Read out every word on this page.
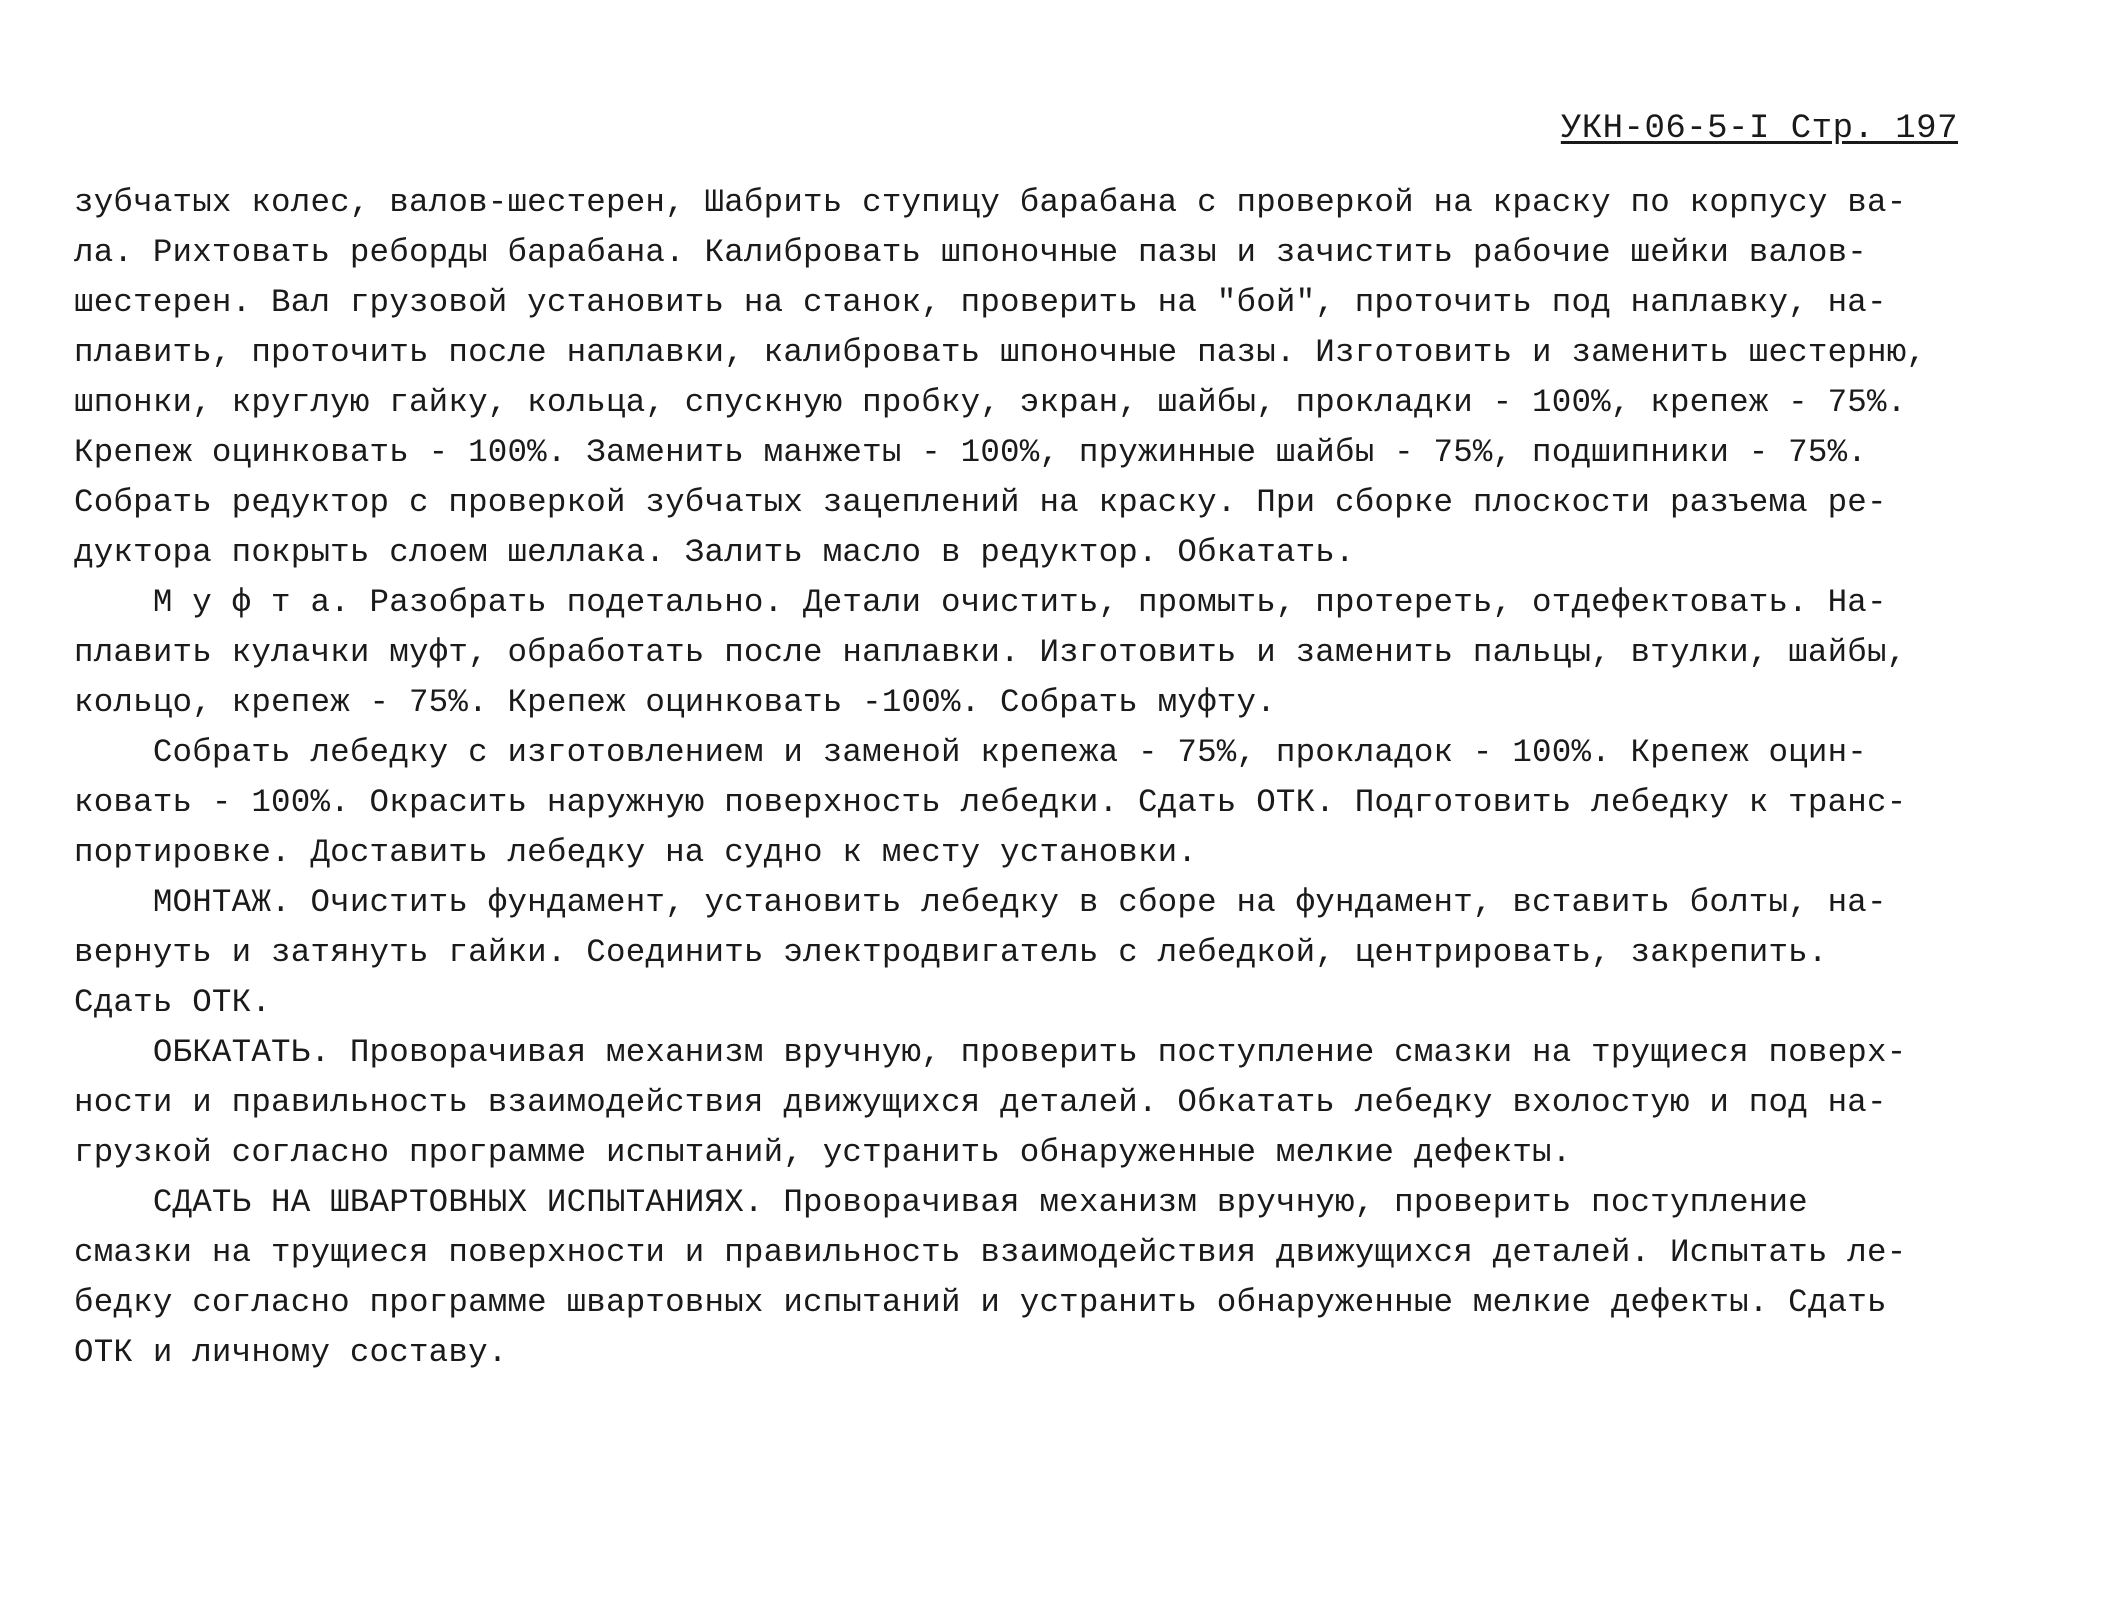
УКН-06-5-I Стр. 197
зубчатых колес, валов-шестерен, Шабрить ступицу барабана с проверкой на краску по корпусу ва-
ла. Рихтовать реборды барабана. Калибровать шпоночные пазы и зачистить рабочие шейки валов-
шестерен. Вал грузовой установить на станок, проверить на "бой", проточить под наплавку, на-
плавить, проточить после наплавки, калибровать шпоночные пазы. Изготовить и заменить шестерню,
шпонки, круглую гайку, кольца, спускную пробку, экран, шайбы, прокладки - 100%, крепеж - 75%.
Крепеж оцинковать - 100%. Заменить манжеты - 100%, пружинные шайбы - 75%, подшипники - 75%.
Собрать редуктор с проверкой зубчатых зацеплений на краску. При сборке плоскости разъема ре-
дуктора покрыть слоем шеллака. Залить масло в редуктор. Обкатать.
М у ф т а. Разобрать подетально. Детали очистить, промыть, протереть, отдефектовать. На-
плавить кулачки муфт, обработать после наплавки. Изготовить и заменить пальцы, втулки, шайбы,
кольцо, крепеж - 75%. Крепеж оцинковать -100%. Собрать муфту.
Собрать лебедку с изготовлением и заменой крепежа - 75%, прокладок - 100%. Крепеж оцин-
ковать - 100%. Окрасить наружную поверхность лебедки. Сдать ОТК. Подготовить лебедку к транс-
портировке. Доставить лебедку на судно к месту установки.
МОНТАЖ. Очистить фундамент, установить лебедку в сборе на фундамент, вставить болты, на-
вернуть и затянуть гайки. Соединить электродвигатель с лебедкой, центрировать, закрепить.
Сдать ОТК.
ОБКАТАТЬ. Проворачивая механизм вручную, проверить поступление смазки на трущиеся поверх-
ности и правильность взаимодействия движущихся деталей. Обкатать лебедку вхолостую и под на-
грузкой согласно программе испытаний, устранить обнаруженные мелкие дефекты.
СДАТЬ НА ШВАРТОВНЫХ ИСПЫТАНИЯХ. Проворачивая механизм вручную, проверить поступление
смазки на трущиеся поверхности и правильность взаимодействия движущихся деталей. Испытать ле-
бедку согласно программе швартовных испытаний и устранить обнаруженные мелкие дефекты. Сдать
ОТК и личному составу.
